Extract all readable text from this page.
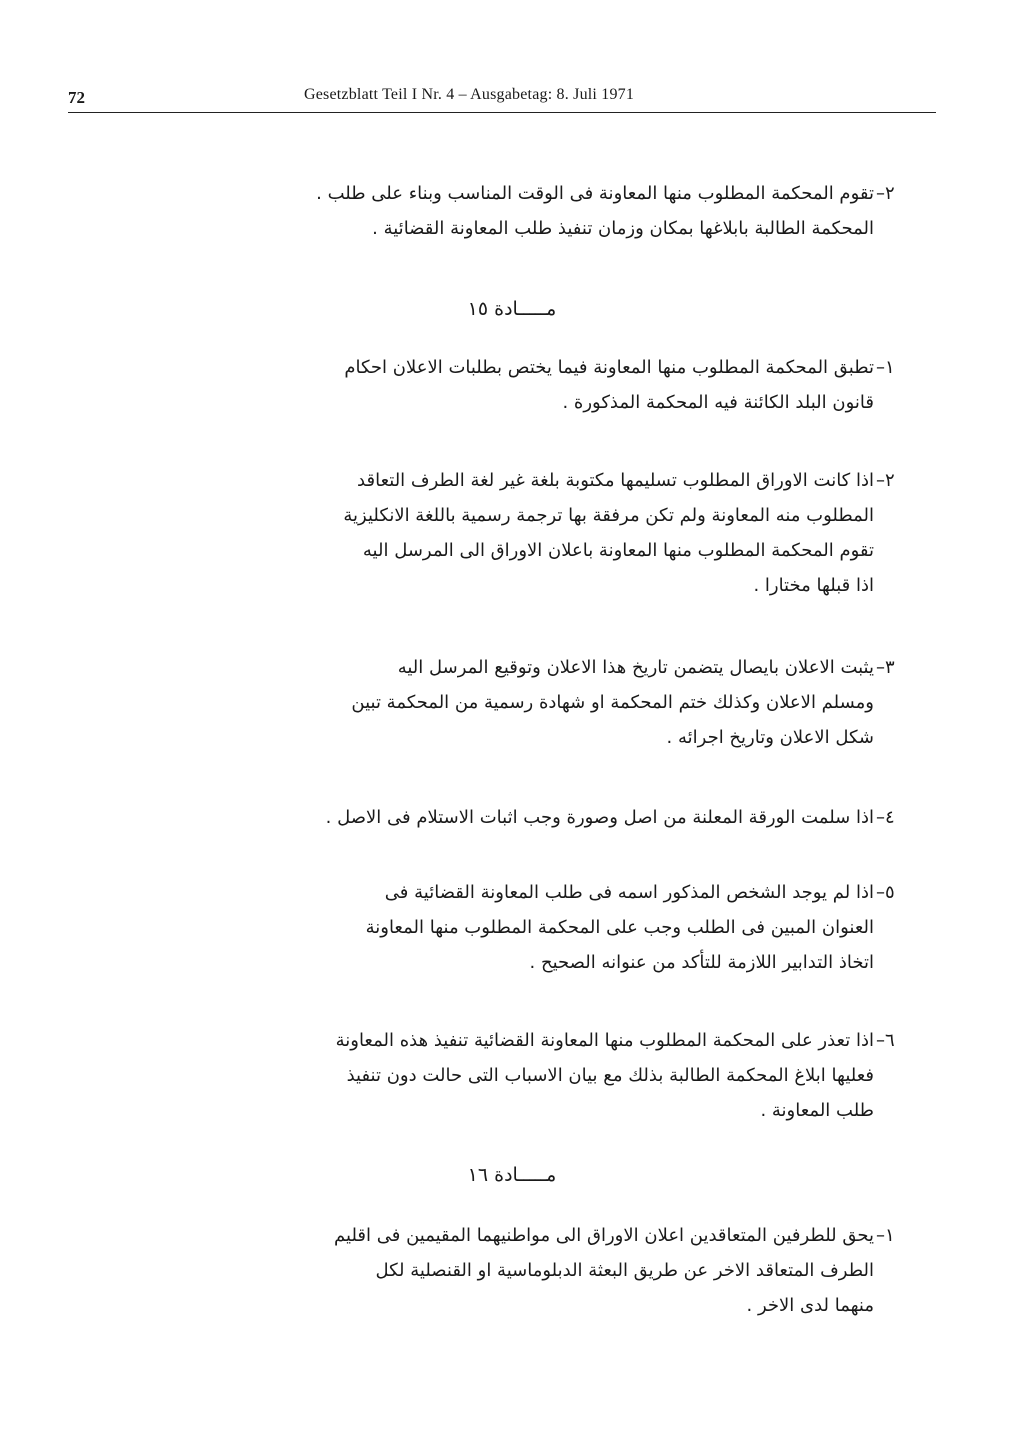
72	Gesetzblatt Teil I Nr. 4 – Ausgabetag: 8. Juli 1971
–٢
تقوم المحكمة المطلوب منها المعاونة فى الوقت المناسب وبناء على طلب .
المحكمة الطالبة بابلاغها بمكان وزمان تنفيذ طلب المعاونة القضائية .
مـــــادة ١٥
–١
تطبق المحكمة المطلوب منها المعاونة فيما يختص بطلبات الاعلان احكام
قانون البلد الكائنة فيه المحكمة المذكورة .
–٢
اذا كانت الاوراق المطلوب تسليمها مكتوبة بلغة غير لغة الطرف التعاقد
المطلوب منه المعاونة ولم تكن مرفقة بها ترجمة رسمية باللغة الانكليزية
تقوم المحكمة المطلوب منها المعاونة باعلان الاوراق الى المرسل اليه
اذا قبلها مختارا .
–٣
يثبت الاعلان بايصال يتضمن تاريخ هذا الاعلان وتوقيع المرسل اليه
ومسلم الاعلان وكذلك ختم المحكمة او شهادة رسمية من المحكمة تبين
شكل الاعلان وتاريخ اجرائه .
–٤
اذا سلمت الورقة المعلنة من اصل وصورة وجب اثبات الاستلام فى الاصل .
–٥
اذا لم يوجد الشخص المذكور اسمه فى طلب المعاونة القضائية فى
العنوان المبين فى الطلب وجب على المحكمة المطلوب منها المعاونة
اتخاذ التدابير اللازمة للتأكد من عنوانه الصحيح .
–٦
اذا تعذر على المحكمة المطلوب منها المعاونة القضائية تنفيذ هذه المعاونة
فعليها ابلاغ المحكمة الطالبة بذلك مع بيان الاسباب التى حالت دون تنفيذ
طلب المعاونة .
مـــــادة ١٦
–١
يحق للطرفين المتعاقدين اعلان الاوراق الى مواطنيهما المقيمين فى اقليم
الطرف المتعاقد الاخر عن طريق البعثة الدبلوماسية او القنصلية لكل
منهما لدى الاخر .
